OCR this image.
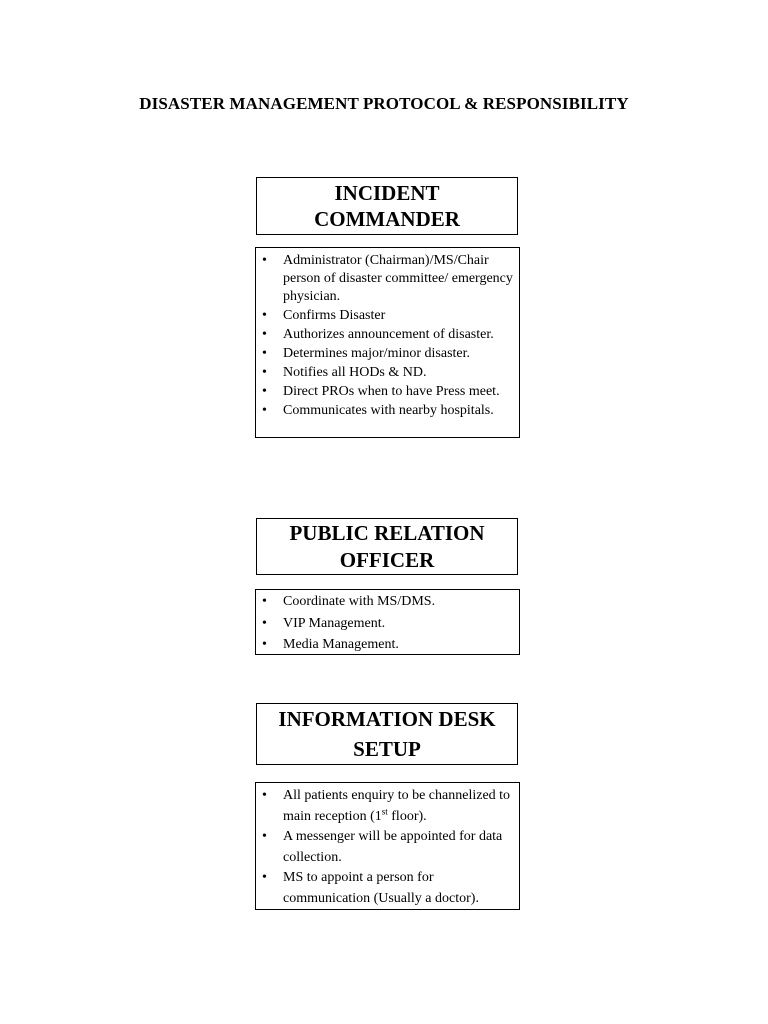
DISASTER MANAGEMENT PROTOCOL & RESPONSIBILITY
INCIDENT
COMMANDER
• Administrator (Chairman)/MS/Chair person of disaster committee/ emergency physician.
• Confirms Disaster
• Authorizes announcement of disaster.
• Determines major/minor disaster.
• Notifies all HODs & ND.
• Direct PROs when to have Press meet.
• Communicates with nearby hospitals.
PUBLIC RELATION
OFFICER
• Coordinate with MS/DMS.
• VIP Management.
• Media Management.
INFORMATION DESK
SETUP
• All patients enquiry to be channelized to main reception (1st floor).
• A messenger will be appointed for data collection.
• MS to appoint a person for communication (Usually a doctor).
